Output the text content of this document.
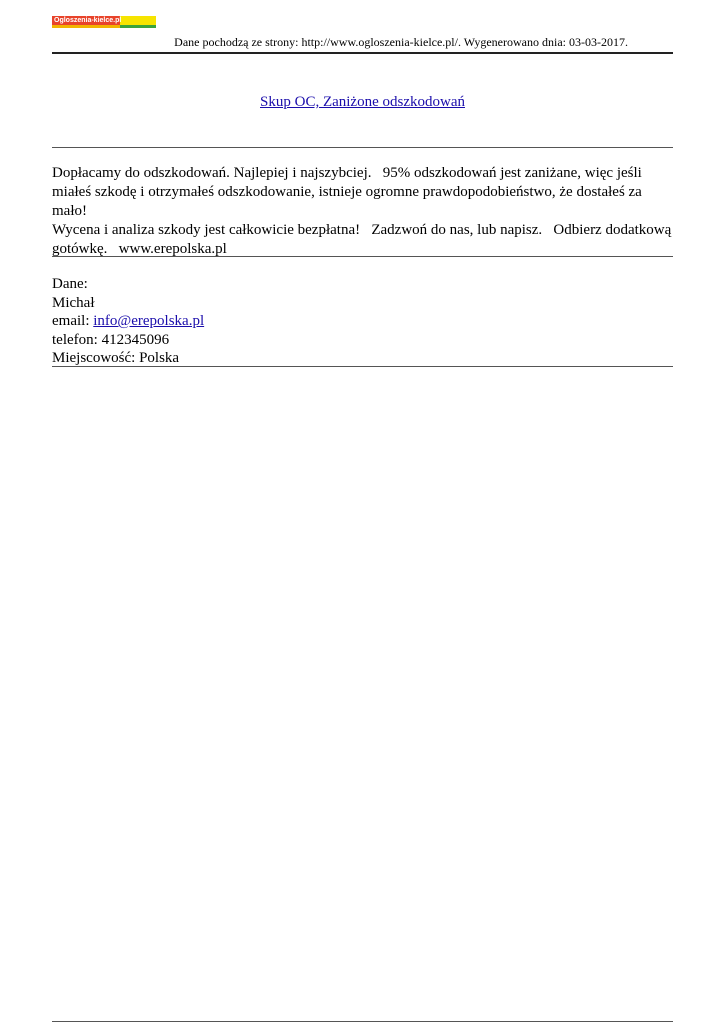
Ogloszenia-kielce.pl
Dane pochodzą ze strony: http://www.ogloszenia-kielce.pl/. Wygenerowano dnia: 03-03-2017.
Skup OC, Zaniżone odszkodowań
Dopłacamy do odszkodowań. Najlepiej i najszybciej.   95% odszkodowań jest zaniżane, więc jeśli
miałeś szkodę i otrzymałeś odszkodowanie, istnieje ogromne prawdopodobieństwo, że dostałeś za mało!
Wycena i analiza szkody jest całkowicie bezpłatna!   Zadzwoń do nas, lub napisz.   Odbierz dodatkową
gotówkę.   www.erepolska.pl
Dane:
Michał
email: info@erepolska.pl
telefon: 412345096
Miejscowość: Polska
